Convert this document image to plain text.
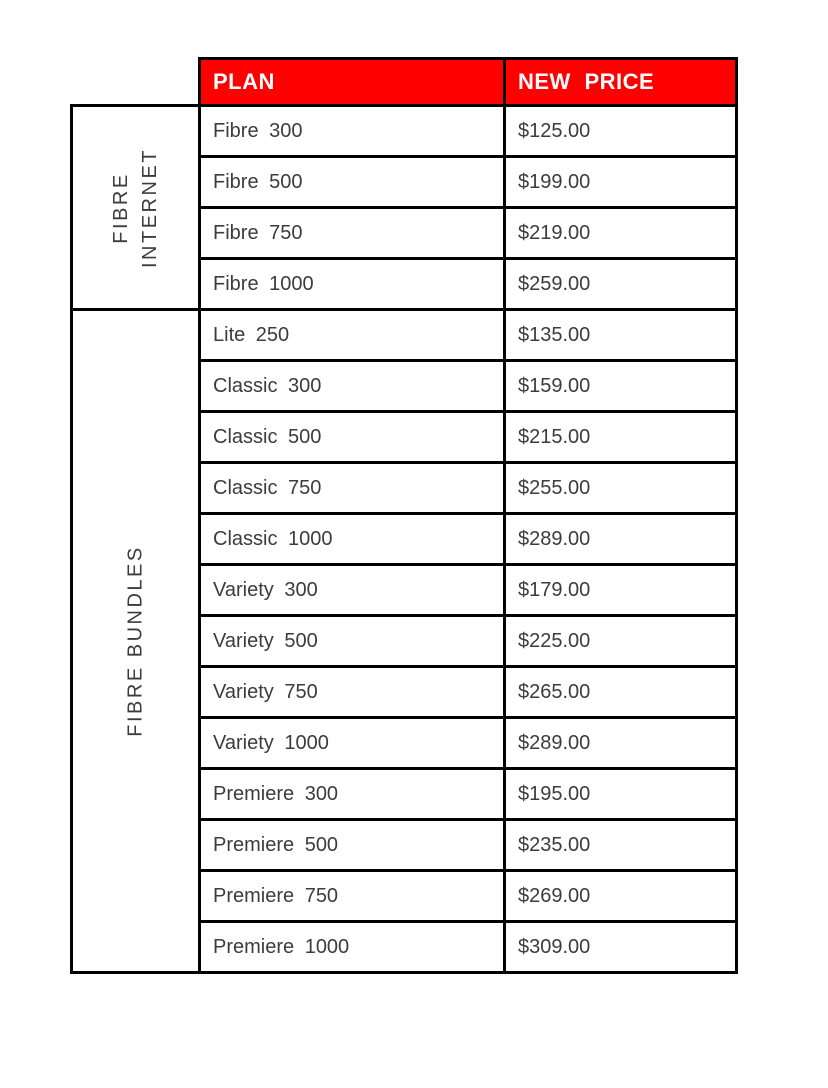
	PLAN	NEW PRICE

FIBRE INTERNET	Fibre 300	$125.00
	Fibre 500	$199.00
	Fibre 750	$219.00
	Fibre 1000	$259.00

FIBRE BUNDLES	Lite 250	$135.00
	Classic 300	$159.00
	Classic 500	$215.00
	Classic 750	$255.00
	Classic 1000	$289.00
	Variety 300	$179.00
	Variety 500	$225.00
	Variety 750	$265.00
	Variety 1000	$289.00
	Premiere 300	$195.00
	Premiere 500	$235.00
	Premiere 750	$269.00
	Premiere 1000	$309.00
